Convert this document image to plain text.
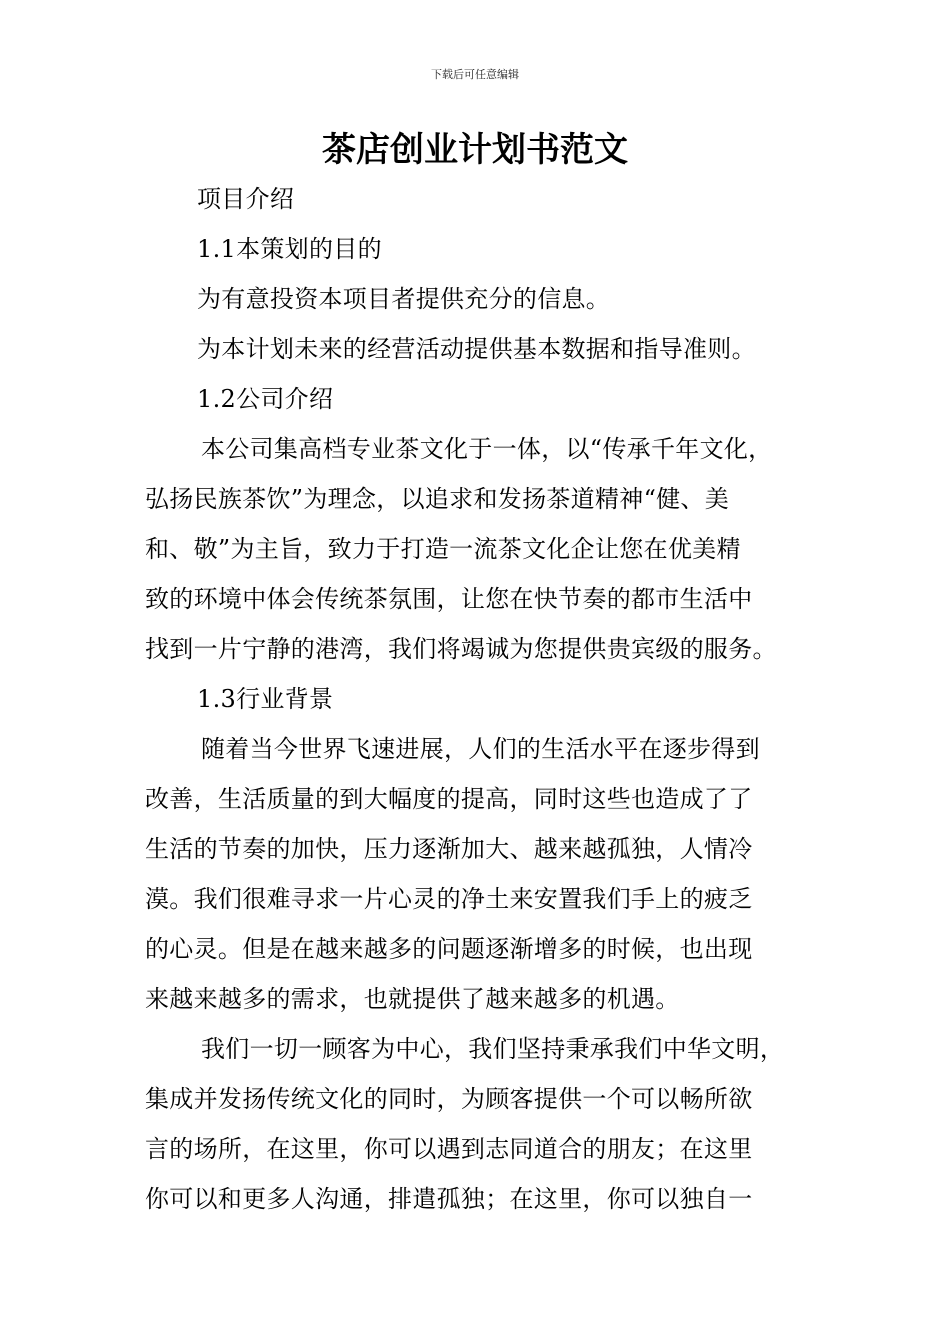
下载后可任意编辑
茶店创业计划书范文
项目介绍
1.1本策划的目的
为有意投资本项目者提供充分的信息。
为本计划未来的经营活动提供基本数据和指导准则。
1.2公司介绍
本公司集高档专业茶文化于一体，以“传承千年文化，
弘扬民族茶饮”为理念，以追求和发扬茶道精神“健、美
和、敬”为主旨，致力于打造一流茶文化企让您在优美精
致的环境中体会传统茶氛围，让您在快节奏的都市生活中
找到一片宁静的港湾，我们将竭诚为您提供贵宾级的服务。
1.3行业背景
随着当今世界飞速进展，人们的生活水平在逐步得到
改善，生活质量的到大幅度的提高，同时这些也造成了了
生活的节奏的加快，压力逐渐加大、越来越孤独，人情冷
漠。我们很难寻求一片心灵的净土来安置我们手上的疲乏
的心灵。但是在越来越多的问题逐渐增多的时候，也出现
来越来越多的需求，也就提供了越来越多的机遇。
我们一切一顾客为中心，我们坚持秉承我们中华文明，
集成并发扬传统文化的同时，为顾客提供一个可以畅所欲
言的场所，在这里，你可以遇到志同道合的朋友；在这里
你可以和更多人沟通，排遣孤独；在这里，你可以独自一
